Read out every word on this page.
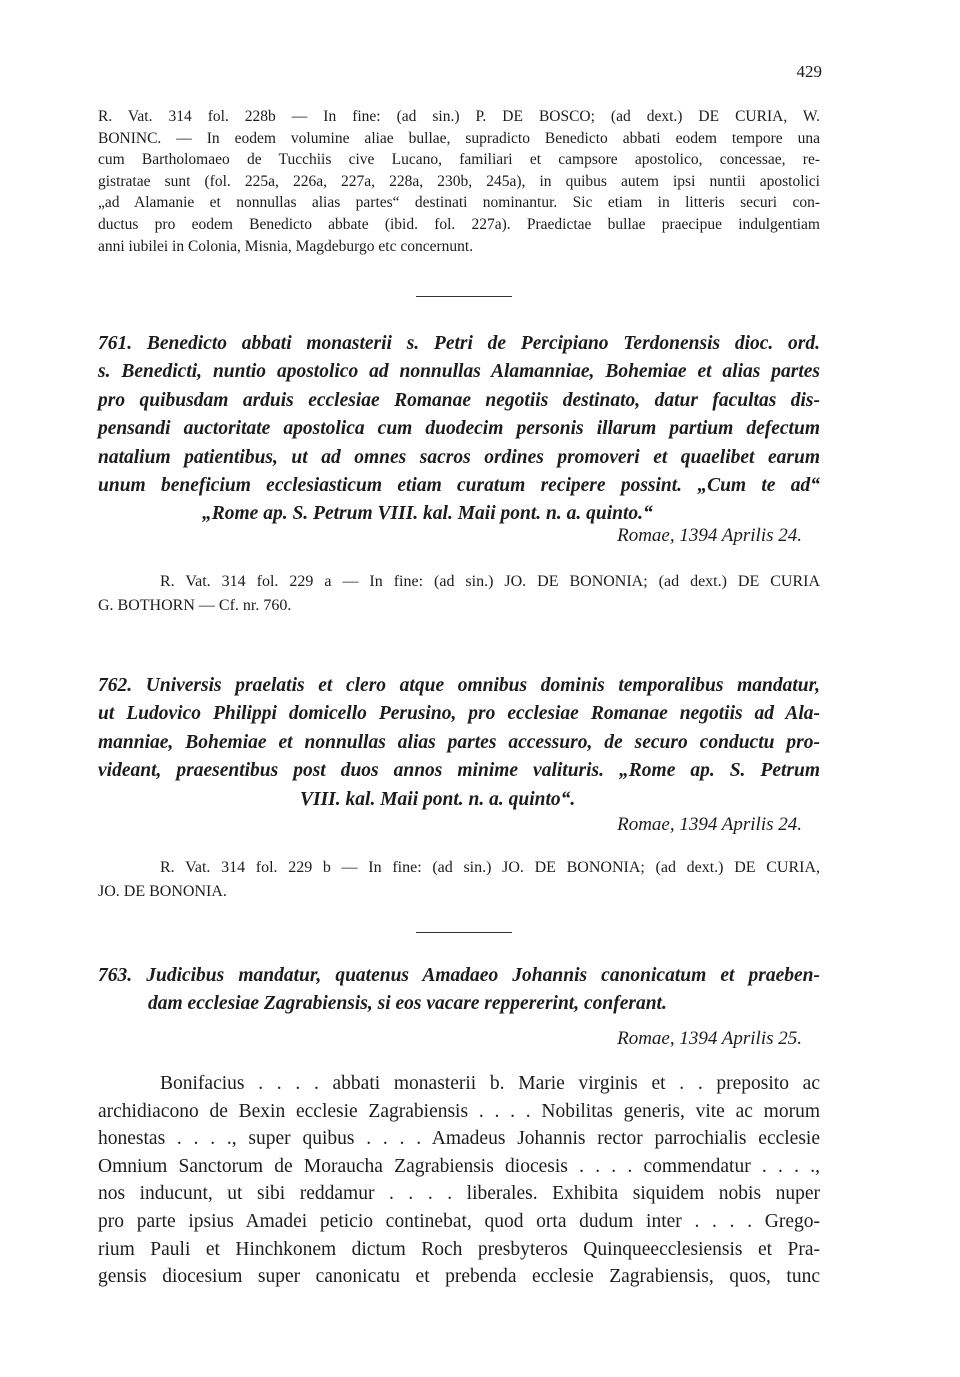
429
R. Vat. 314 fol. 228b — In fine: (ad sin.) P. DE BOSCO; (ad dext.) DE CURIA, W.
BONINC. — In eodem volumine aliae bullae, supradicto Benedicto abbati eodem tempore una
cum Bartholomaeo de Tucchiis cive Lucano, familiari et campsore apostolico, concessae, re-
gistratae sunt (fol. 225a, 226a, 227a, 228a, 230b, 245a), in quibus autem ipsi nuntii apostolici
„ad Alamanie et nonnullas alias partes“ destinati nominantur. Sic etiam in litteris securi con-
ductus pro eodem Benedicto abbate (ibid. fol. 227a). Praedictae bullae praecipue indulgentiam
anni iubilei in Colonia, Misnia, Magdeburgo etc concernunt.
761. Benedicto abbati monasterii s. Petri de Percipiano Terdonensis dioc. ord.
s. Benedicti, nuntio apostolico ad nonnullas Alamanniae, Bohemiae et alias partes
pro quibusdam arduis ecclesiae Romanae negotiis destinato, datur facultas dis-
pensandi auctoritate apostolica cum duodecim personis illarum partium defectum
natalium patientibus, ut ad omnes sacros ordines promoveri et quaelibet earum
unum beneficium ecclesiasticum etiam curatum recipere possint. „Cum te ad“
„Rome ap. S. Petrum VIII. kal. Maii pont. n. a. quinto.“
Romae, 1394 Aprilis 24.
R. Vat. 314 fol. 229 a — In fine: (ad sin.) JO. DE BONONIA; (ad dext.) DE CURIA
G. BOTHORN — Cf. nr. 760.
762. Universis praelatis et clero atque omnibus dominis temporalibus mandatur,
ut Ludovico Philippi domicello Perusino, pro ecclesiae Romanae negotiis ad Ala-
manniae, Bohemiae et nonnullas alias partes accessuro, de securo conductu pro-
videant, praesentibus post duos annos minime valituris. „Rome ap. S. Petrum
VIII. kal. Maii pont. n. a. quinto“.
Romae, 1394 Aprilis 24.
R. Vat. 314 fol. 229 b — In fine: (ad sin.) JO. DE BONONIA; (ad dext.) DE CURIA,
JO. DE BONONIA.
763. Judicibus mandatur, quatenus Amadaeo Johannis canonicatum et praeben-
dam ecclesiae Zagrabiensis, si eos vacare reppererint, conferant.
Romae, 1394 Aprilis 25.
Bonifacius . . . . abbati monasterii b. Marie virginis et . . preposito ac
archidiacono de Bexin ecclesie Zagrabiensis . . . . Nobilitas generis, vite ac morum
honestas . . . ., super quibus . . . . Amadeus Johannis rector parrochialis ecclesie
Omnium Sanctorum de Moraucha Zagrabiensis diocesis . . . . commendatur . . . .,
nos inducunt, ut sibi reddamur . . . . liberales. Exhibita siquidem nobis nuper
pro parte ipsius Amadei peticio continebat, quod orta dudum inter . . . . Grego-
rium Pauli et Hinchkonem dictum Roch presbyteros Quinqueecclesiensis et Pra-
gensis diocesium super canonicatu et prebenda ecclesie Zagrabiensis, quos, tunc
